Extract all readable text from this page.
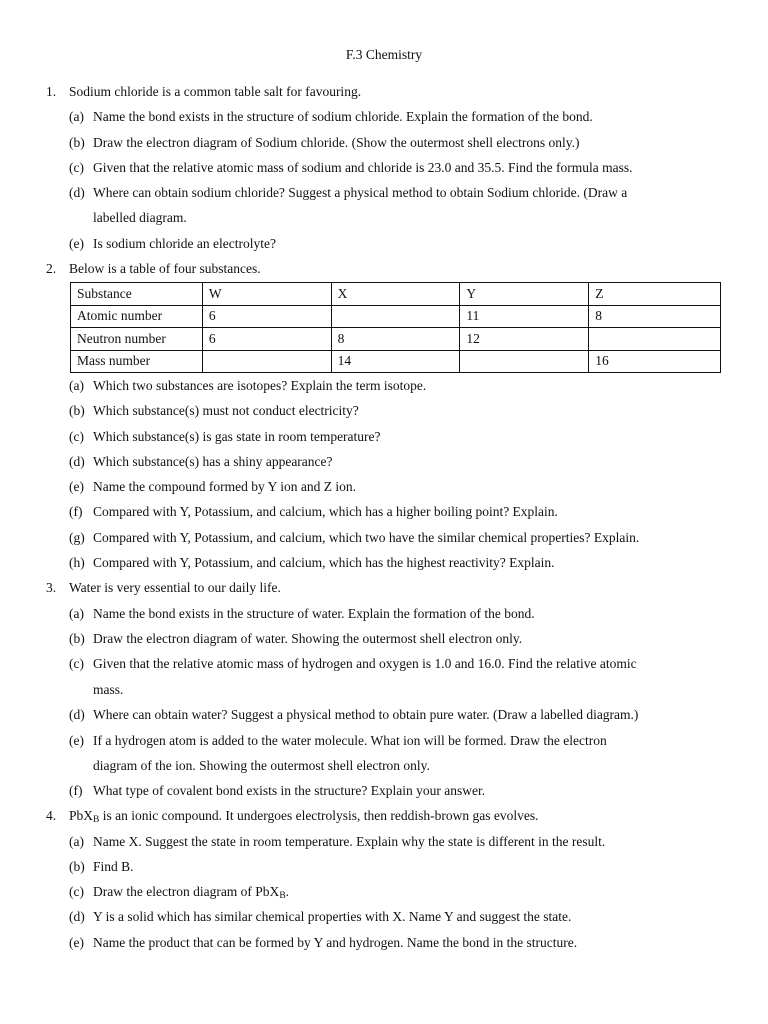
F.3 Chemistry
1. Sodium chloride is a common table salt for favouring.
(a) Name the bond exists in the structure of sodium chloride. Explain the formation of the bond.
(b) Draw the electron diagram of Sodium chloride. (Show the outermost shell electrons only.)
(c) Given that the relative atomic mass of sodium and chloride is 23.0 and 35.5. Find the formula mass.
(d) Where can obtain sodium chloride? Suggest a physical method to obtain Sodium chloride. (Draw a
labelled diagram.
(e) Is sodium chloride an electrolyte?
2. Below is a table of four substances.
Substance	W	X	Y	Z
Atomic number	6		11	8
Neutron number	6	8	12	
Mass number		14		16
(a) Which two substances are isotopes? Explain the term isotope.
(b) Which substance(s) must not conduct electricity?
(c) Which substance(s) is gas state in room temperature?
(d) Which substance(s) has a shiny appearance?
(e) Name the compound formed by Y ion and Z ion.
(f) Compared with Y, Potassium, and calcium, which has a higher boiling point? Explain.
(g) Compared with Y, Potassium, and calcium, which two have the similar chemical properties? Explain.
(h) Compared with Y, Potassium, and calcium, which has the highest reactivity? Explain.
3. Water is very essential to our daily life.
(a) Name the bond exists in the structure of water. Explain the formation of the bond.
(b) Draw the electron diagram of water. Showing the outermost shell electron only.
(c) Given that the relative atomic mass of hydrogen and oxygen is 1.0 and 16.0. Find the relative atomic
mass.
(d) Where can obtain water? Suggest a physical method to obtain pure water. (Draw a labelled diagram.)
(e) If a hydrogen atom is added to the water molecule. What ion will be formed. Draw the electron
diagram of the ion. Showing the outermost shell electron only.
(f) What type of covalent bond exists in the structure? Explain your answer.
4. PbX$_B$ is an ionic compound. It undergoes electrolysis, then reddish-brown gas evolves.
(a) Name X. Suggest the state in room temperature. Explain why the state is different in the result.
(b) Find B.
(c) Draw the electron diagram of PbX$_B$.
(d) Y is a solid which has similar chemical properties with X. Name Y and suggest the state.
(e) Name the product that can be formed by Y and hydrogen. Name the bond in the structure.
